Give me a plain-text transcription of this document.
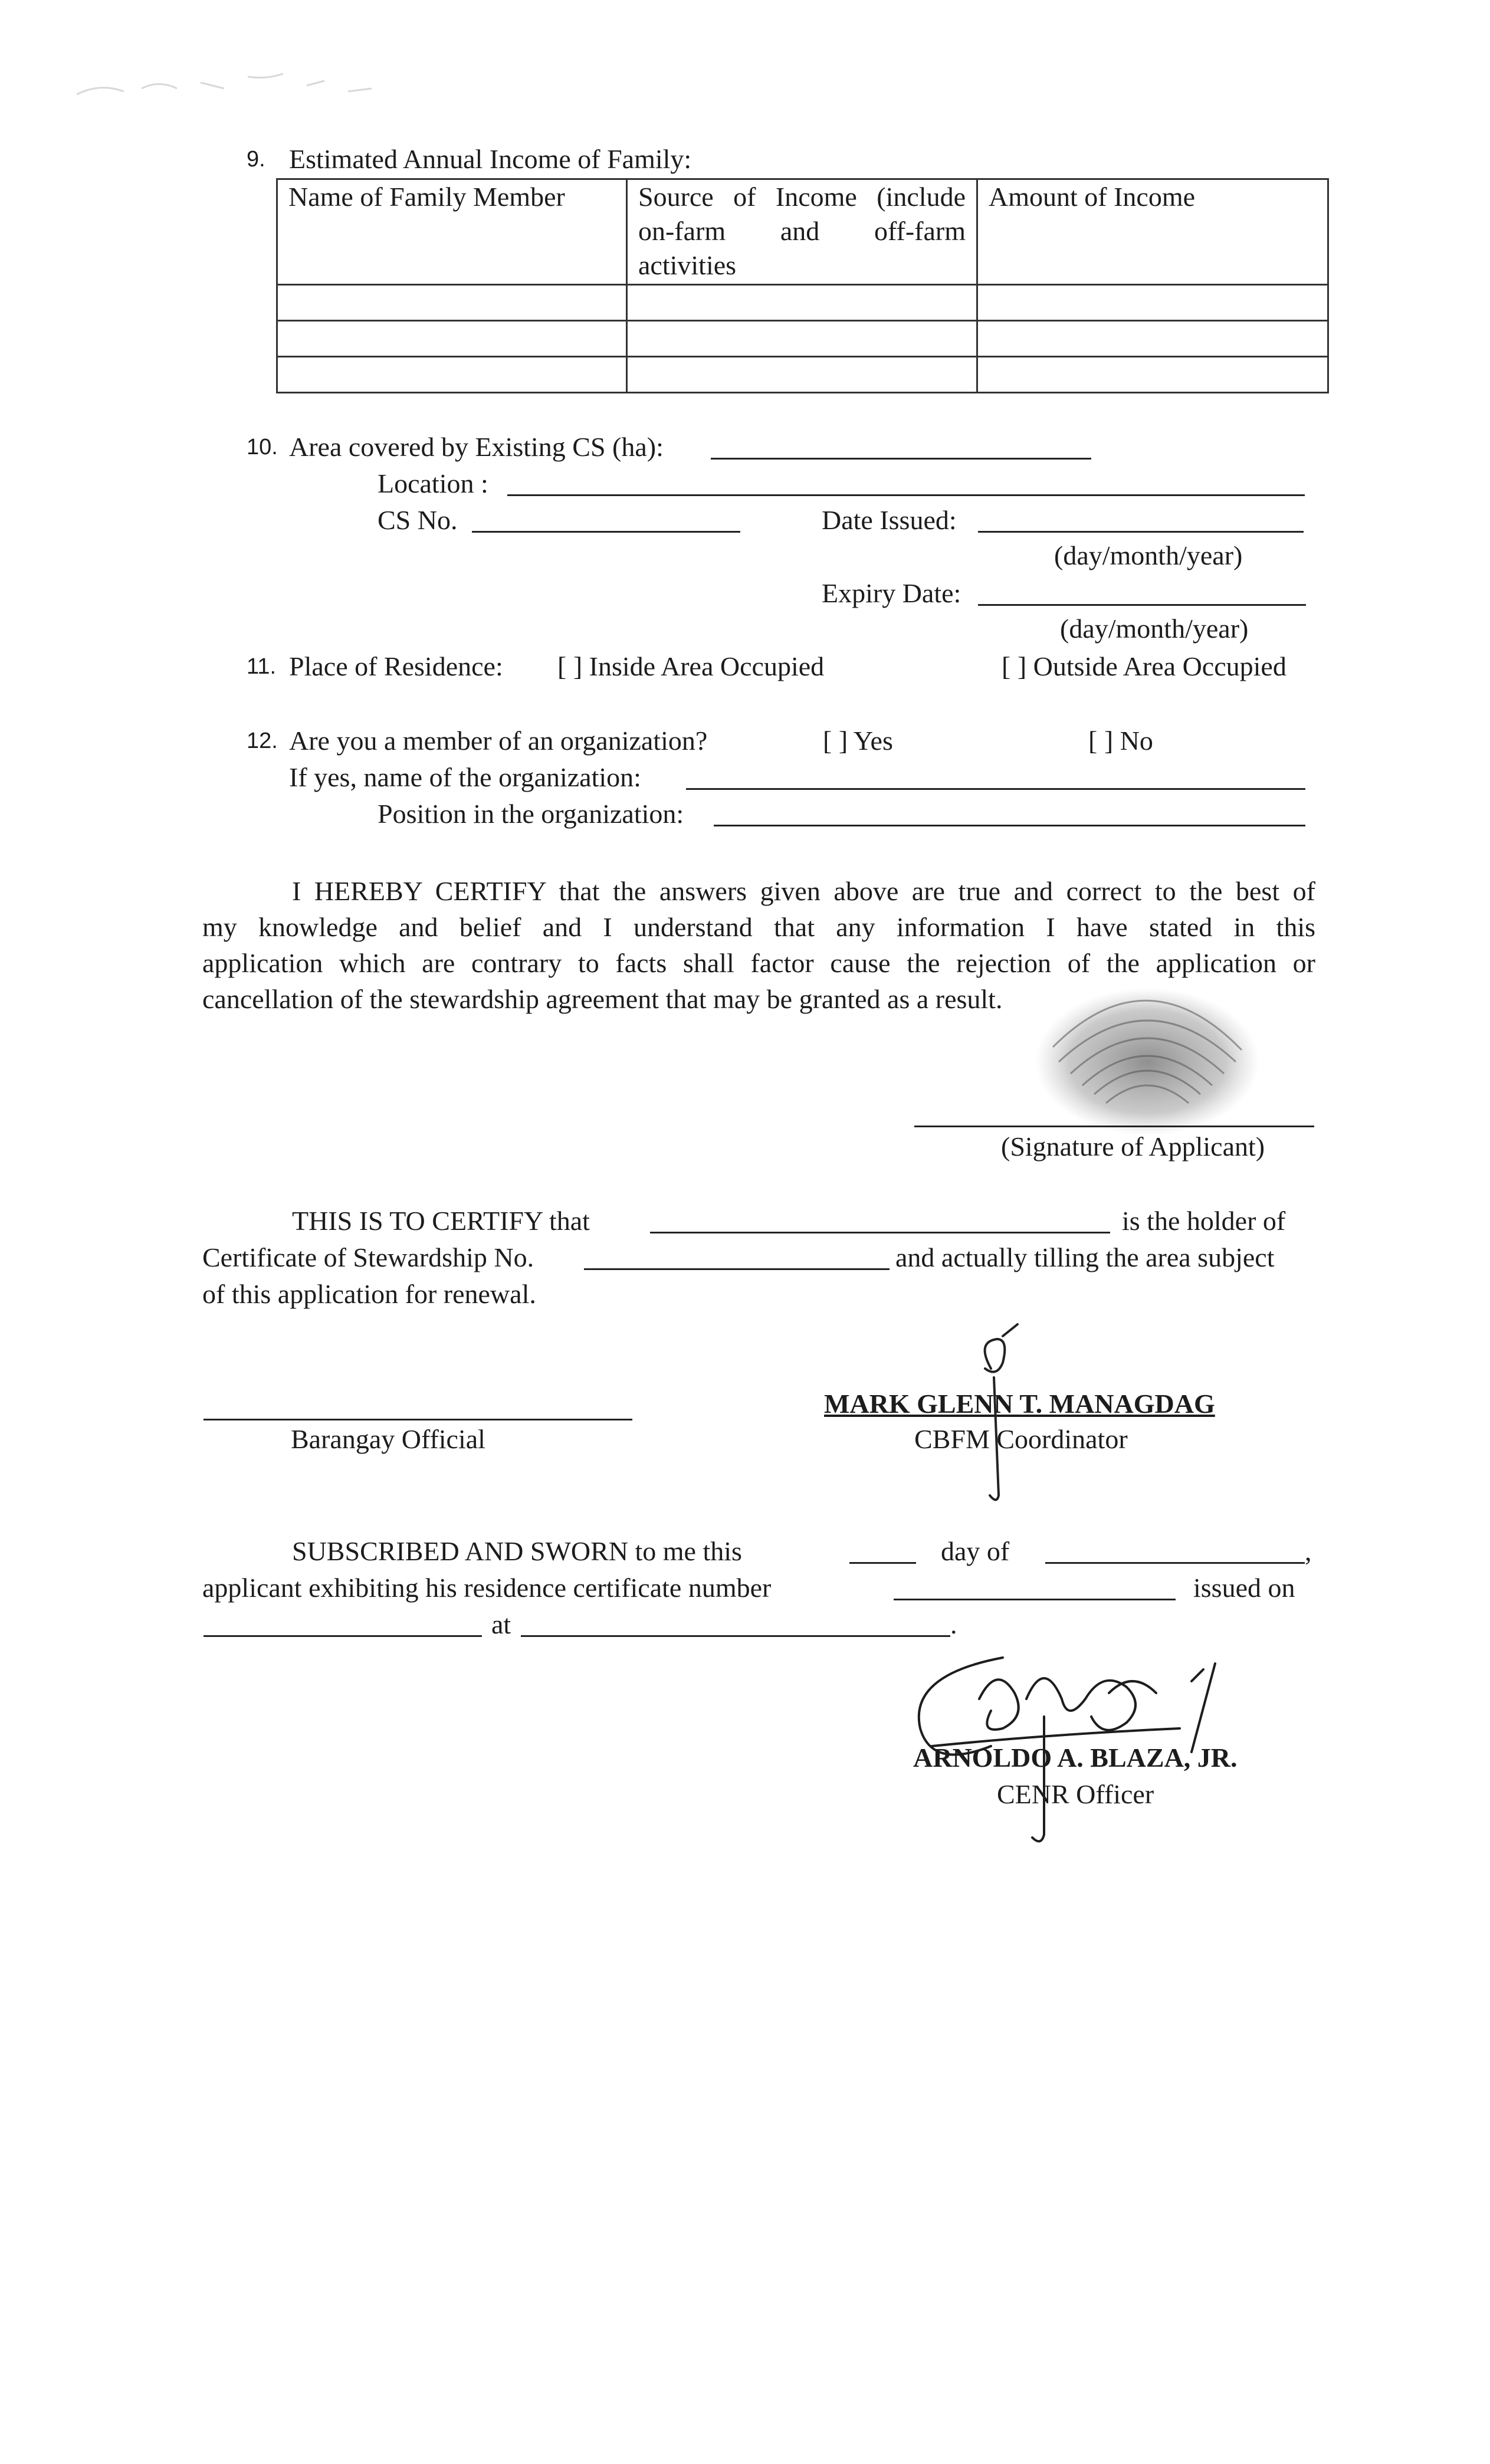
9. Estimated Annual Income of Family:
Name of Family Member	Source of Income (include on-farm and off-farm activities	Amount of Income

10. Area covered by Existing CS (ha):
Location :
CS No.	Date Issued:
(day/month/year)
Expiry Date:
(day/month/year)
11. Place of Residence: [ ] Inside Area Occupied	[ ] Outside Area Occupied
12. Are you a member of an organization?	[ ] Yes	[ ] No
If yes, name of the organization:
Position in the organization:
I HEREBY CERTIFY that the answers given above are true and correct to the best of
my knowledge and belief and I understand that any information I have stated in this
application which are contrary to facts shall factor cause the rejection of the application or
cancellation of the stewardship agreement that may be granted as a result.
(Signature of Applicant)
THIS IS TO CERTIFY that	is the holder of
Certificate of Stewardship No.	and actually tilling the area subject
of this application for renewal.
Barangay Official
MARK GLENN T. MANAGDAG
CBFM Coordinator
SUBSCRIBED AND SWORN to me this	day of	,
applicant exhibiting his residence certificate number	issued on
at	.
ARNOLDO A. BLAZA, JR.
CENR Officer
